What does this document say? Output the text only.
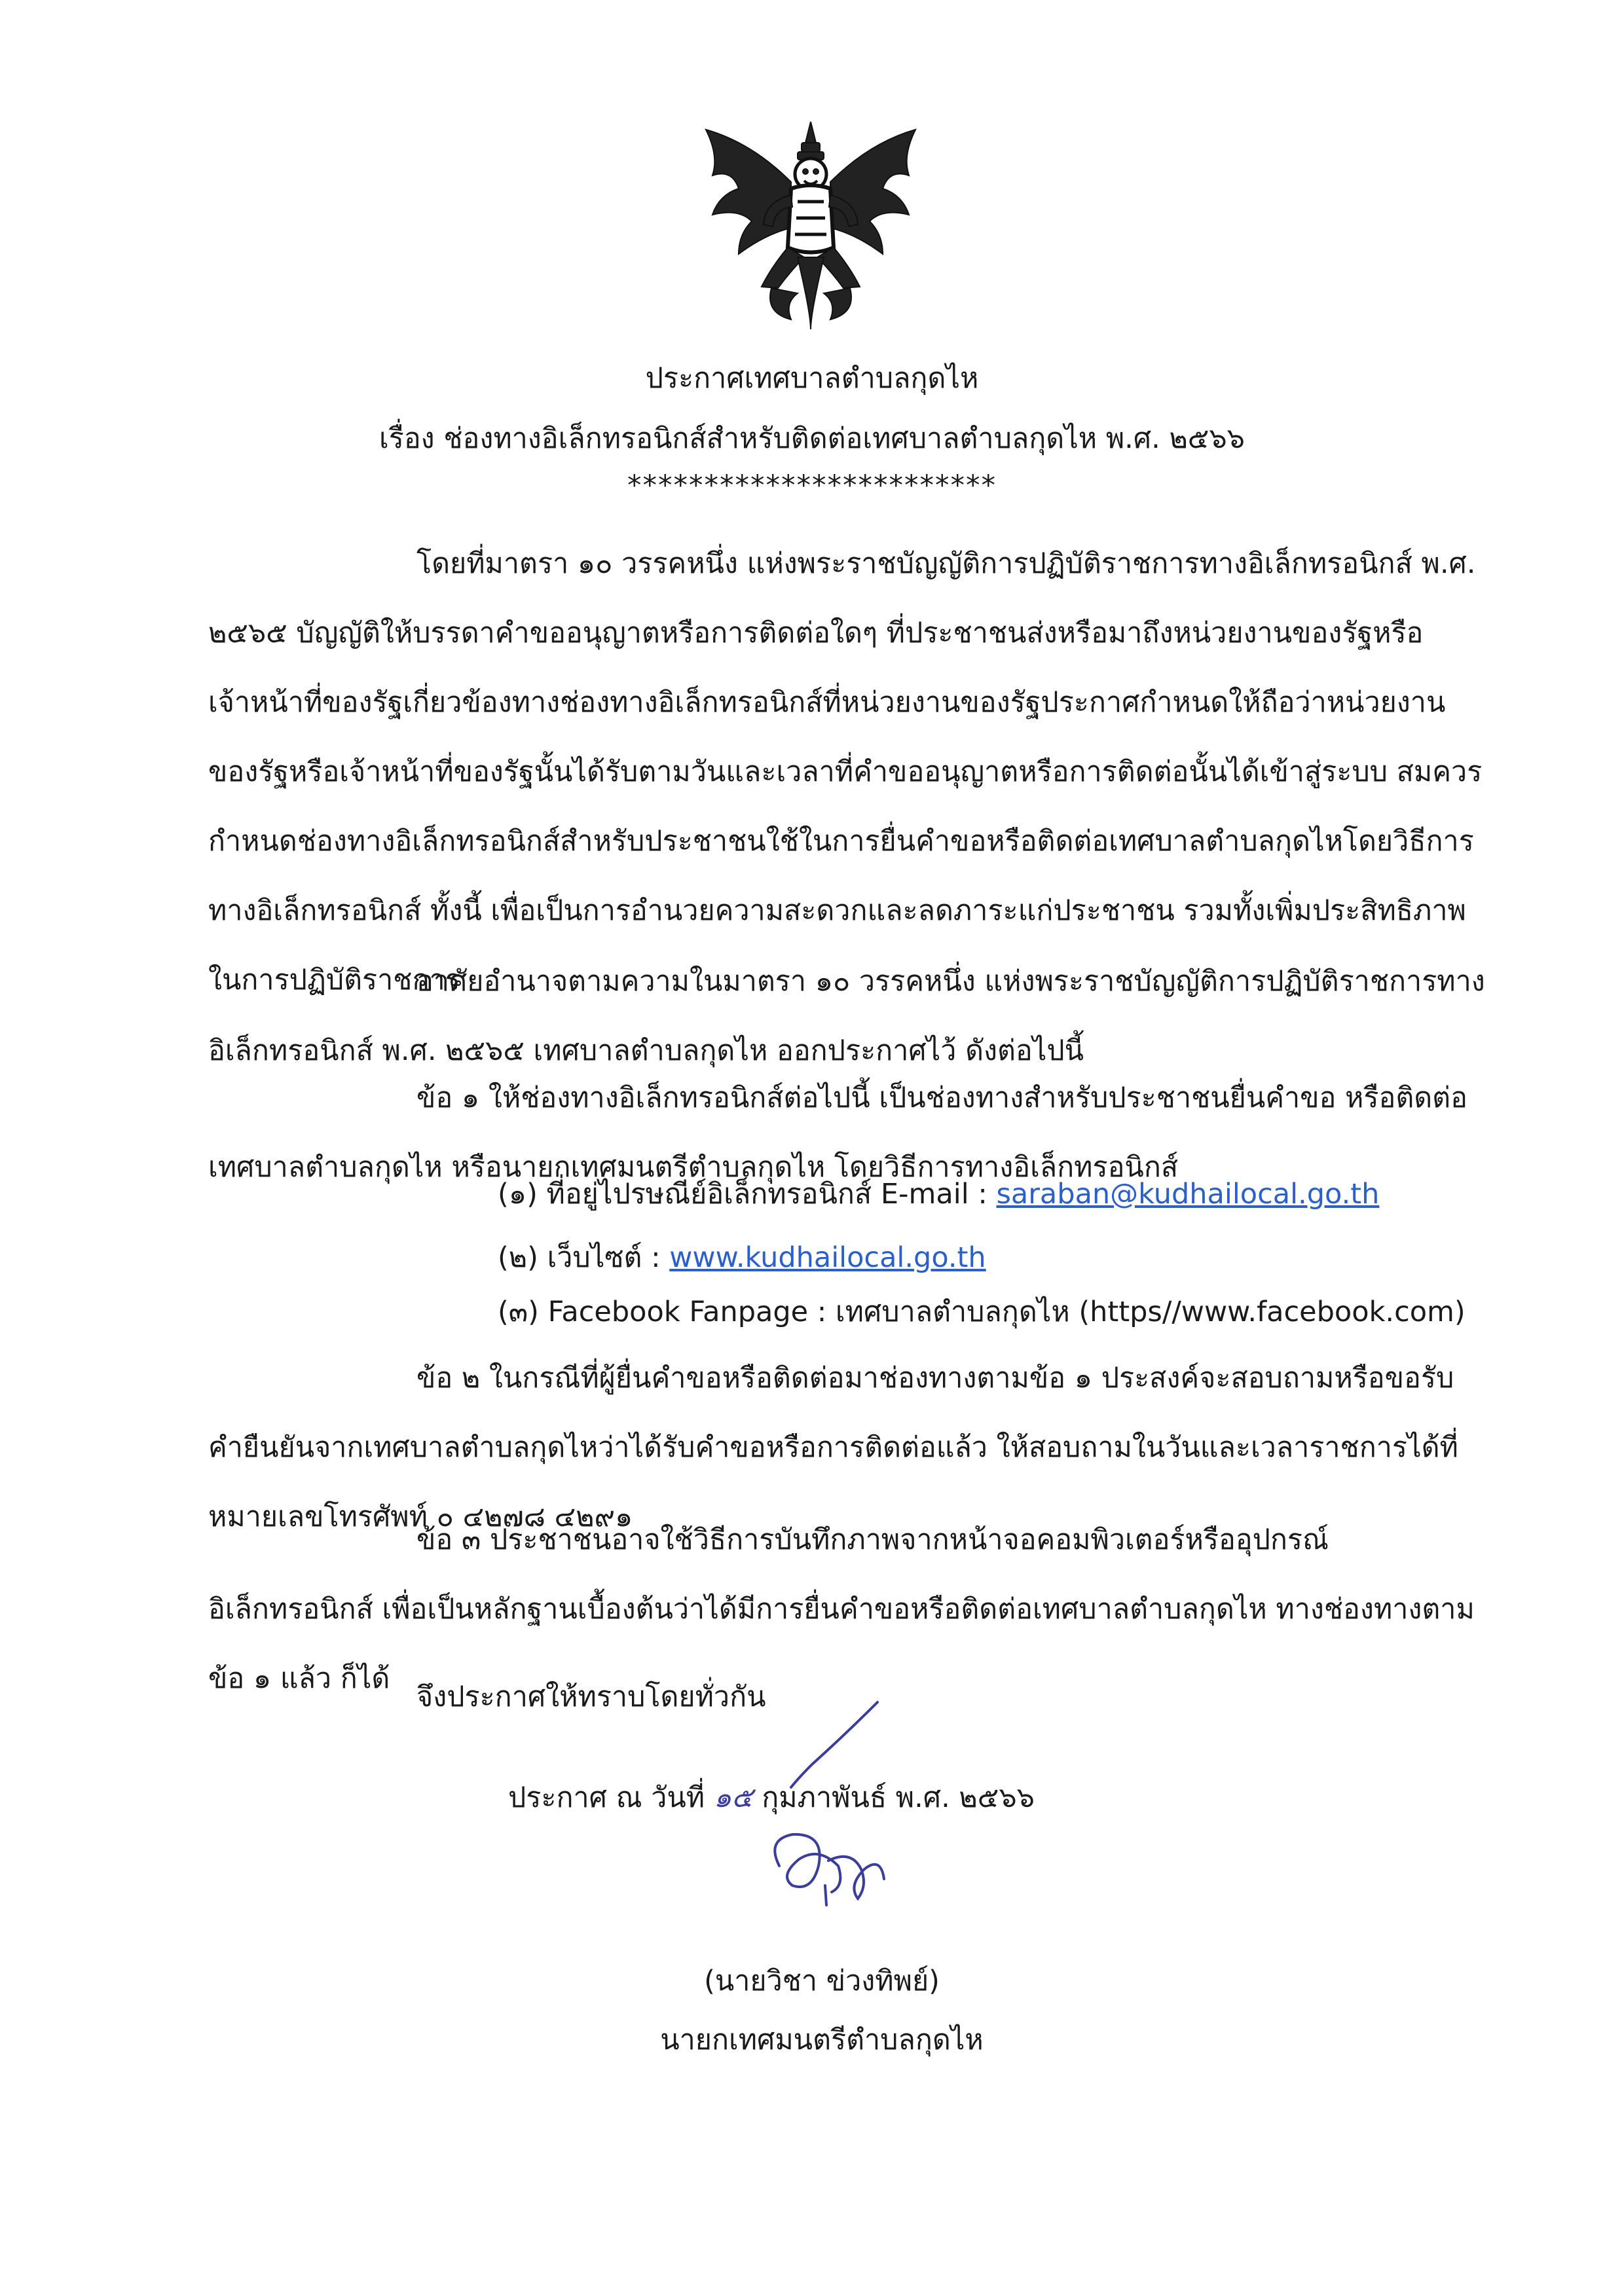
ประกาศเทศบาลตำบลกุดไห
เรื่อง ช่องทางอิเล็กทรอนิกส์สำหรับติดต่อเทศบาลตำบลกุดไห พ.ศ. ๒๕๖๖
************************
โดยที่มาตรา ๑๐ วรรคหนึ่ง แห่งพระราชบัญญัติการปฏิบัติราชการทางอิเล็กทรอนิกส์ พ.ศ.
๒๕๖๕ บัญญัติให้บรรดาคำขออนุญาตหรือการติดต่อใดๆ ที่ประชาชนส่งหรือมาถึงหน่วยงานของรัฐหรือ
เจ้าหน้าที่ของรัฐเกี่ยวข้องทางช่องทางอิเล็กทรอนิกส์ที่หน่วยงานของรัฐประกาศกำหนดให้ถือว่าหน่วยงาน
ของรัฐหรือเจ้าหน้าที่ของรัฐนั้นได้รับตามวันและเวลาที่คำขออนุญาตหรือการติดต่อนั้นได้เข้าสู่ระบบ สมควร
กำหนดช่องทางอิเล็กทรอนิกส์สำหรับประชาชนใช้ในการยื่นคำขอหรือติดต่อเทศบาลตำบลกุดไหโดยวิธีการ
ทางอิเล็กทรอนิกส์ ทั้งนี้ เพื่อเป็นการอำนวยความสะดวกและลดภาระแก่ประชาชน รวมทั้งเพิ่มประสิทธิภาพ
ในการปฏิบัติราชการ
อาศัยอำนาจตามความในมาตรา ๑๐ วรรคหนึ่ง แห่งพระราชบัญญัติการปฏิบัติราชการทาง
อิเล็กทรอนิกส์ พ.ศ. ๒๕๖๕ เทศบาลตำบลกุดไห ออกประกาศไว้ ดังต่อไปนี้
ข้อ ๑ ให้ช่องทางอิเล็กทรอนิกส์ต่อไปนี้ เป็นช่องทางสำหรับประชาชนยื่นคำขอ หรือติดต่อ
เทศบาลตำบลกุดไห หรือนายกเทศมนตรีตำบลกุดไห โดยวิธีการทางอิเล็กทรอนิกส์
(๑) ที่อยู่ไปรษณีย์อิเล็กทรอนิกส์ E-mail : saraban@kudhailocal.go.th
(๒) เว็บไซต์ : www.kudhailocal.go.th
(๓) Facebook Fanpage : เทศบาลตำบลกุดไห (https//www.facebook.com)
ข้อ ๒ ในกรณีที่ผู้ยื่นคำขอหรือติดต่อมาช่องทางตามข้อ ๑ ประสงค์จะสอบถามหรือขอรับ
คำยืนยันจากเทศบาลตำบลกุดไหว่าได้รับคำขอหรือการติดต่อแล้ว ให้สอบถามในวันและเวลาราชการได้ที่
หมายเลขโทรศัพท์ ๐ ๔๒๗๘ ๔๒๙๑
ข้อ ๓ ประชาชนอาจใช้วิธีการบันทึกภาพจากหน้าจอคอมพิวเตอร์หรืออุปกรณ์
อิเล็กทรอนิกส์ เพื่อเป็นหลักฐานเบื้องต้นว่าได้มีการยื่นคำขอหรือติดต่อเทศบาลตำบลกุดไห ทางช่องทางตาม
ข้อ ๑ แล้ว ก็ได้
จึงประกาศให้ทราบโดยทั่วกัน
ประกาศ ณ วันที่ ๑๕ กุมภาพันธ์ พ.ศ. ๒๕๖๖
(นายวิชา ข่วงทิพย์)
นายกเทศมนตรีตำบลกุดไห
